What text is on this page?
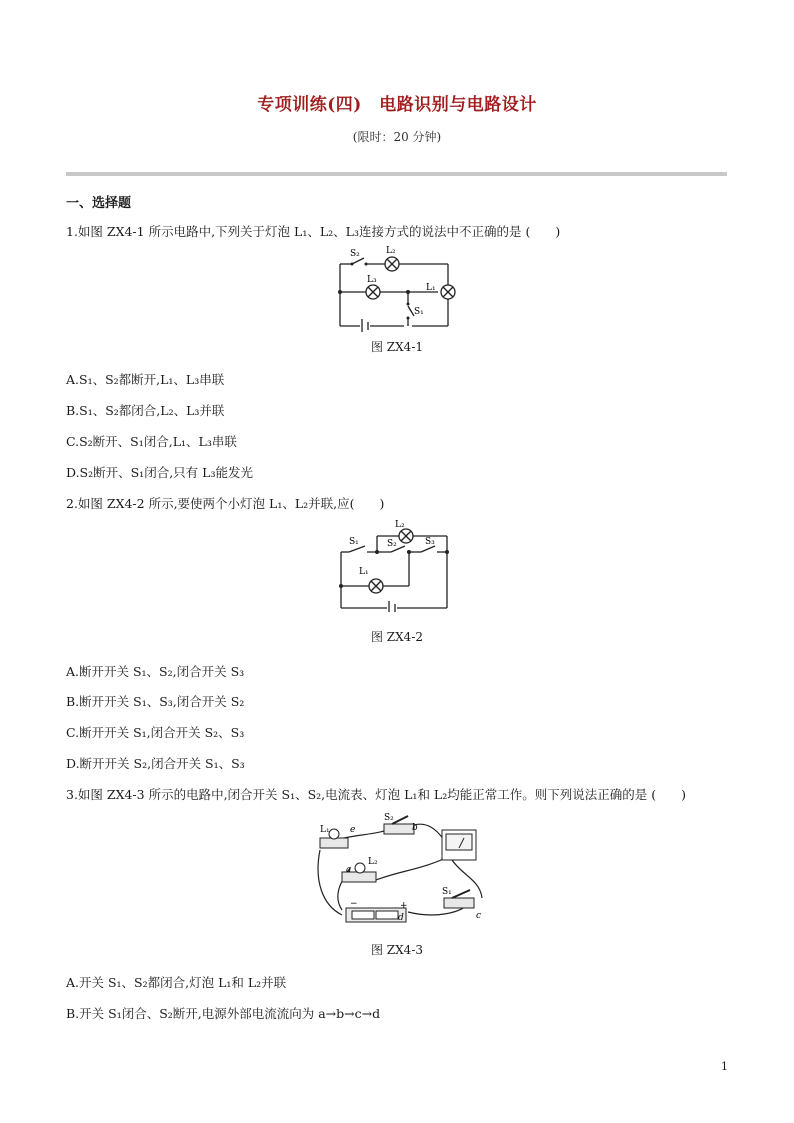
专项训练(四)　电路识别与电路设计
(限时：20 分钟)
一、选择题
1.如图 ZX4-1 所示电路中,下列关于灯泡 L₁、L₂、L₃连接方式的说法中不正确的是 (　　)
S₂	L₂
L₃
L₁
S₁
图 ZX4-1
A.S₁、S₂都断开,L₁、L₃串联
B.S₁、S₂都闭合,L₂、L₃并联
C.S₂断开、S₁闭合,L₁、L₃串联
D.S₂断开、S₁闭合,只有 L₃能发光
2.如图 ZX4-2 所示,要使两个小灯泡 L₁、L₂并联,应(　　)
S₁	S₂	S₃
L₂
L₁
图 ZX4-2
A.断开开关 S₁、S₂,闭合开关 S₃
B.断开开关 S₁、S₃,闭合开关 S₂
C.断开开关 S₁,闭合开关 S₂、S₃
D.断开开关 S₂,闭合开关 S₁、S₃
3.如图 ZX4-3 所示的电路中,闭合开关 S₁、S₂,电流表、灯泡 L₁和 L₂均能正常工作。则下列说法正确的是 (　　)
L₁ e
S₂
b
a
L₂
S₁
c
d
−	+
图 ZX4-3
A.开关 S₁、S₂都闭合,灯泡 L₁和 L₂并联
B.开关 S₁闭合、S₂断开,电源外部电流流向为 a→b→c→d
1
